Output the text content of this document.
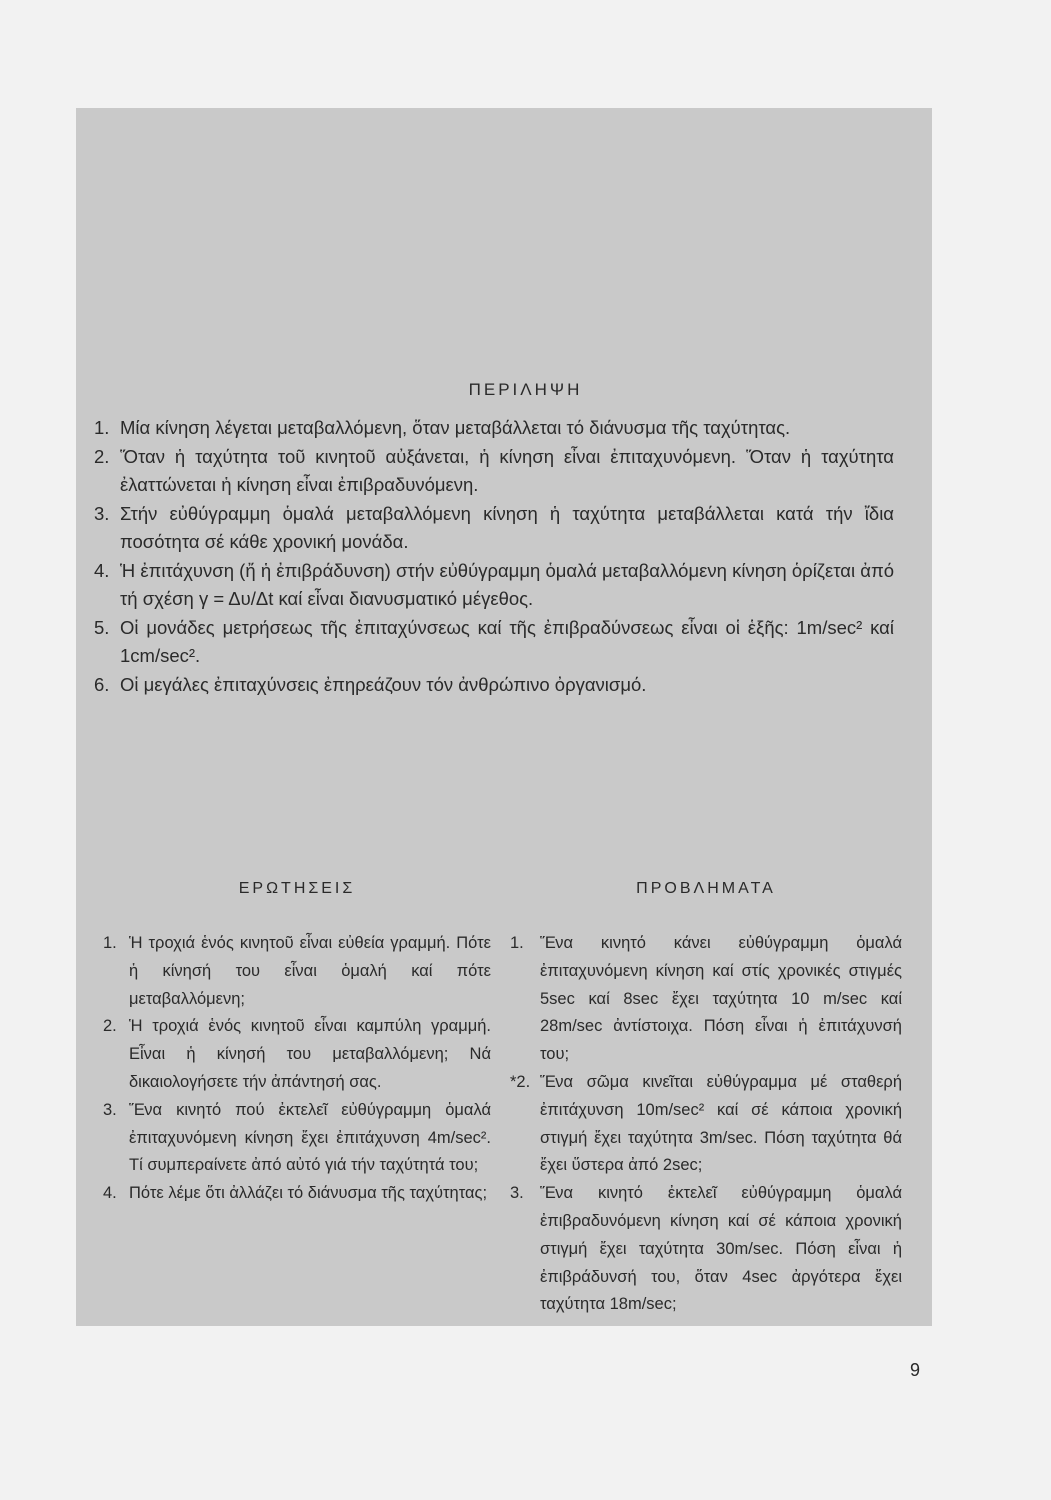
ΠΕΡΙΛΗΨΗ
1. Μία κίνηση λέγεται μεταβαλλόμενη, ὅταν μεταβάλλεται τό διάνυσμα τῆς ταχύτητας.
2. Ὅταν ἡ ταχύτητα τοῦ κινητοῦ αὐξάνεται, ἡ κίνηση εἶναι ἐπιταχυνόμενη. Ὅταν ἡ ταχύτητα ἐλαττώνεται ἡ κίνηση εἶναι ἐπιβραδυνόμενη.
3. Στήν εὐθύγραμμη ὁμαλά μεταβαλλόμενη κίνηση ἡ ταχύτητα μεταβάλλεται κατά τήν ἴδια ποσότητα σέ κάθε χρονική μονάδα.
4. Ἡ ἐπιτάχυνση (ἤ ἡ ἐπιβράδυνση) στήν εὐθύγραμμη ὁμαλά μεταβαλλόμενη κίνηση ὁρίζεται ἀπό τή σχέση γ = Δυ/Δt καί εἶναι διανυσματικό μέγεθος.
5. Οἱ μονάδες μετρήσεως τῆς ἐπιταχύνσεως καί τῆς ἐπιβραδύνσεως εἶναι οἱ ἑξῆς: 1m/sec² καί 1cm/sec².
6. Οἱ μεγάλες ἐπιταχύνσεις ἐπηρεάζουν τόν ἀνθρώπινο ὀργανισμό.
ΕΡΩΤΗΣΕΙΣ
1. Ἡ τροχιά ἑνός κινητοῦ εἶναι εὐθεία γραμμή. Πότε ἡ κίνησή του εἶναι ὁμαλή καί πότε μεταβαλλόμενη;
2. Ἡ τροχιά ἑνός κινητοῦ εἶναι καμπύλη γραμμή. Εἶναι ἡ κίνησή του μεταβαλλόμενη; Νά δικαιολογήσετε τήν ἀπάντησή σας.
3. Ἕνα κινητό πού ἐκτελεῖ εὐθύγραμμη ὁμαλά ἐπιταχυνόμενη κίνηση ἔχει ἐπιτάχυνση 4m/sec². Τί συμπεραίνετε ἀπό αὐτό γιά τήν ταχύτητά του;
4. Πότε λέμε ὅτι ἀλλάζει τό διάνυσμα τῆς ταχύτητας;
ΠΡΟΒΛΗΜΑΤΑ
1. Ἕνα κινητό κάνει εὐθύγραμμη ὁμαλά ἐπιταχυνόμενη κίνηση καί στίς χρονικές στιγμές 5sec καί 8sec ἔχει ταχύτητα 10 m/sec καί 28m/sec ἀντίστοιχα. Πόση εἶναι ἡ ἐπιτάχυνσή του;
*2. Ἕνα σῶμα κινεῖται εὐθύγραμμα μέ σταθερή ἐπιτάχυνση 10m/sec² καί σέ κάποια χρονική στιγμή ἔχει ταχύτητα 3m/sec. Πόση ταχύτητα θά ἔχει ὕστερα ἀπό 2sec;
3. Ἕνα κινητό ἐκτελεῖ εὐθύγραμμη ὁμαλά ἐπιβραδυνόμενη κίνηση καί σέ κάποια χρονική στιγμή ἔχει ταχύτητα 30m/sec. Πόση εἶναι ἡ ἐπιβράδυνσή του, ὅταν 4sec ἀργότερα ἔχει ταχύτητα 18m/sec;
9
